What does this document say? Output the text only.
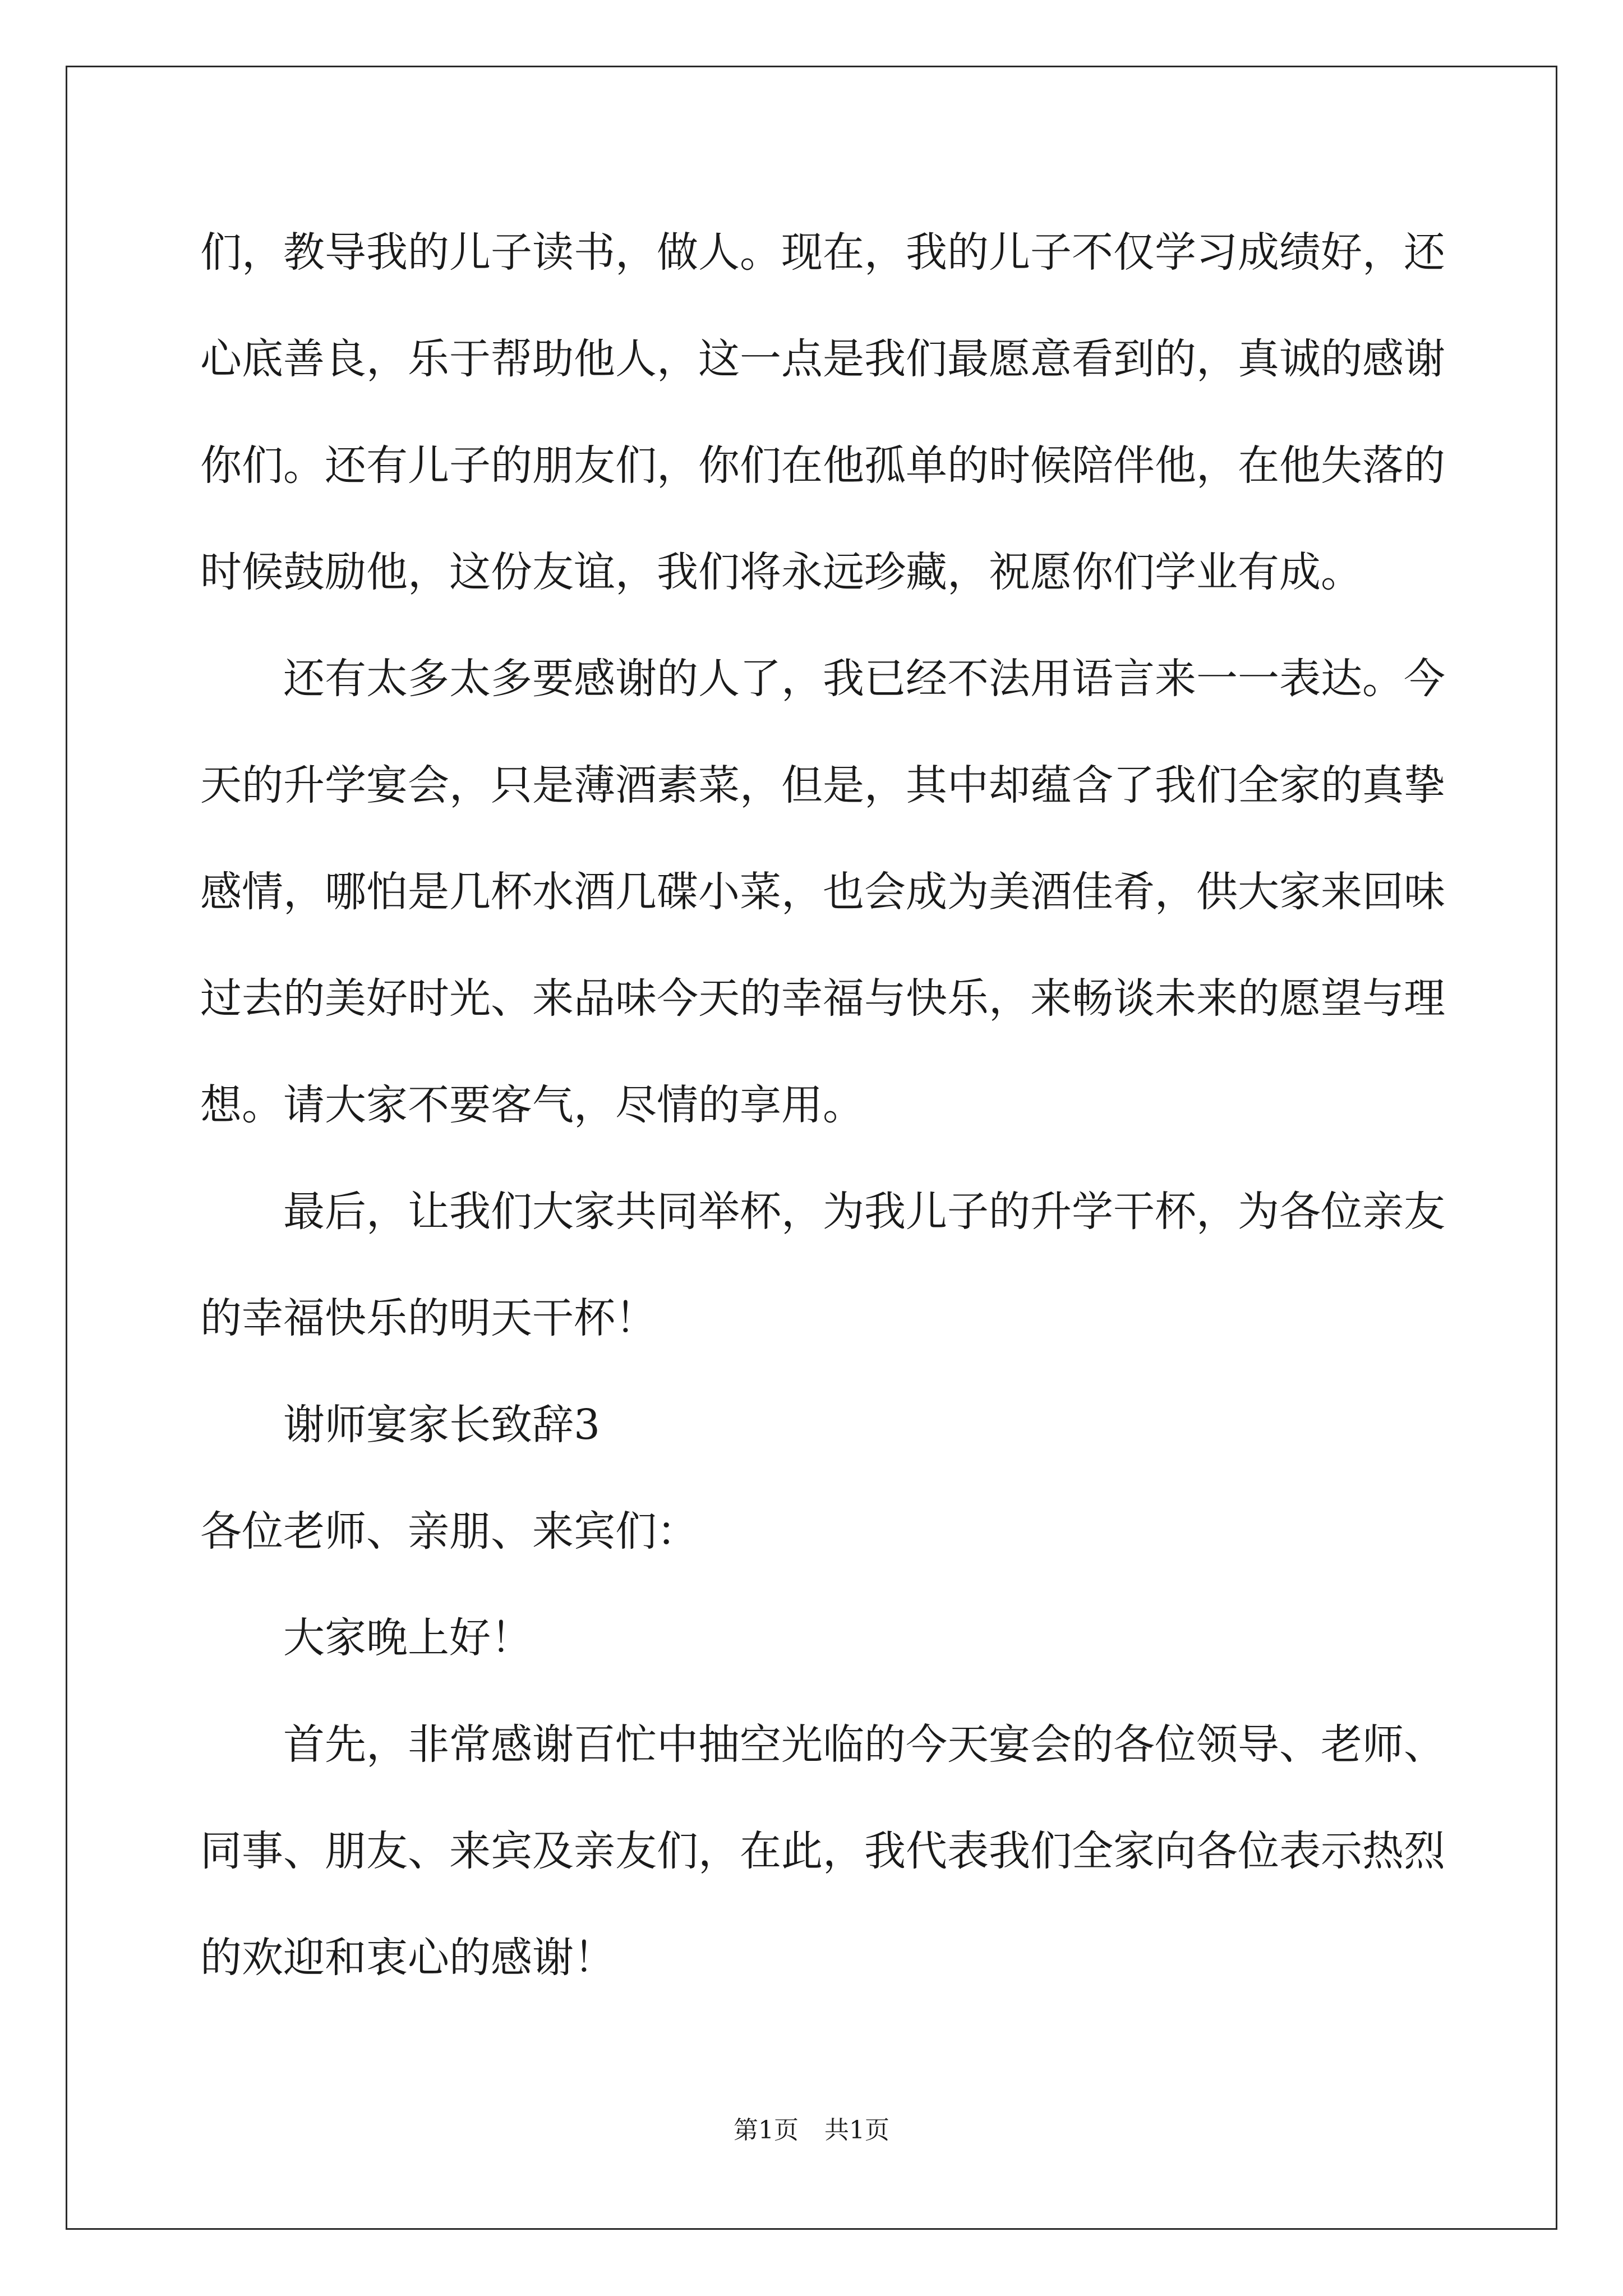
们，教导我的儿子读书，做人。现在，我的儿子不仅学习成绩好，还
心底善良，乐于帮助他人，这一点是我们最愿意看到的，真诚的感谢
你们。还有儿子的朋友们，你们在他孤单的时候陪伴他，在他失落的
时候鼓励他，这份友谊，我们将永远珍藏，祝愿你们学业有成。
还有太多太多要感谢的人了，我已经不法用语言来一一表达。今
天的升学宴会，只是薄酒素菜，但是，其中却蕴含了我们全家的真挚
感情，哪怕是几杯水酒几碟小菜，也会成为美酒佳肴，供大家来回味
过去的美好时光、来品味今天的幸福与快乐，来畅谈未来的愿望与理
想。请大家不要客气，尽情的享用。
最后，让我们大家共同举杯，为我儿子的升学干杯，为各位亲友
的幸福快乐的明天干杯！
谢师宴家长致辞3
各位老师、亲朋、来宾们：
大家晚上好！
首先，非常感谢百忙中抽空光临的今天宴会的各位领导、老师、
同事、朋友、来宾及亲友们，在此，我代表我们全家向各位表示热烈
的欢迎和衷心的感谢！
第1页 共1页
